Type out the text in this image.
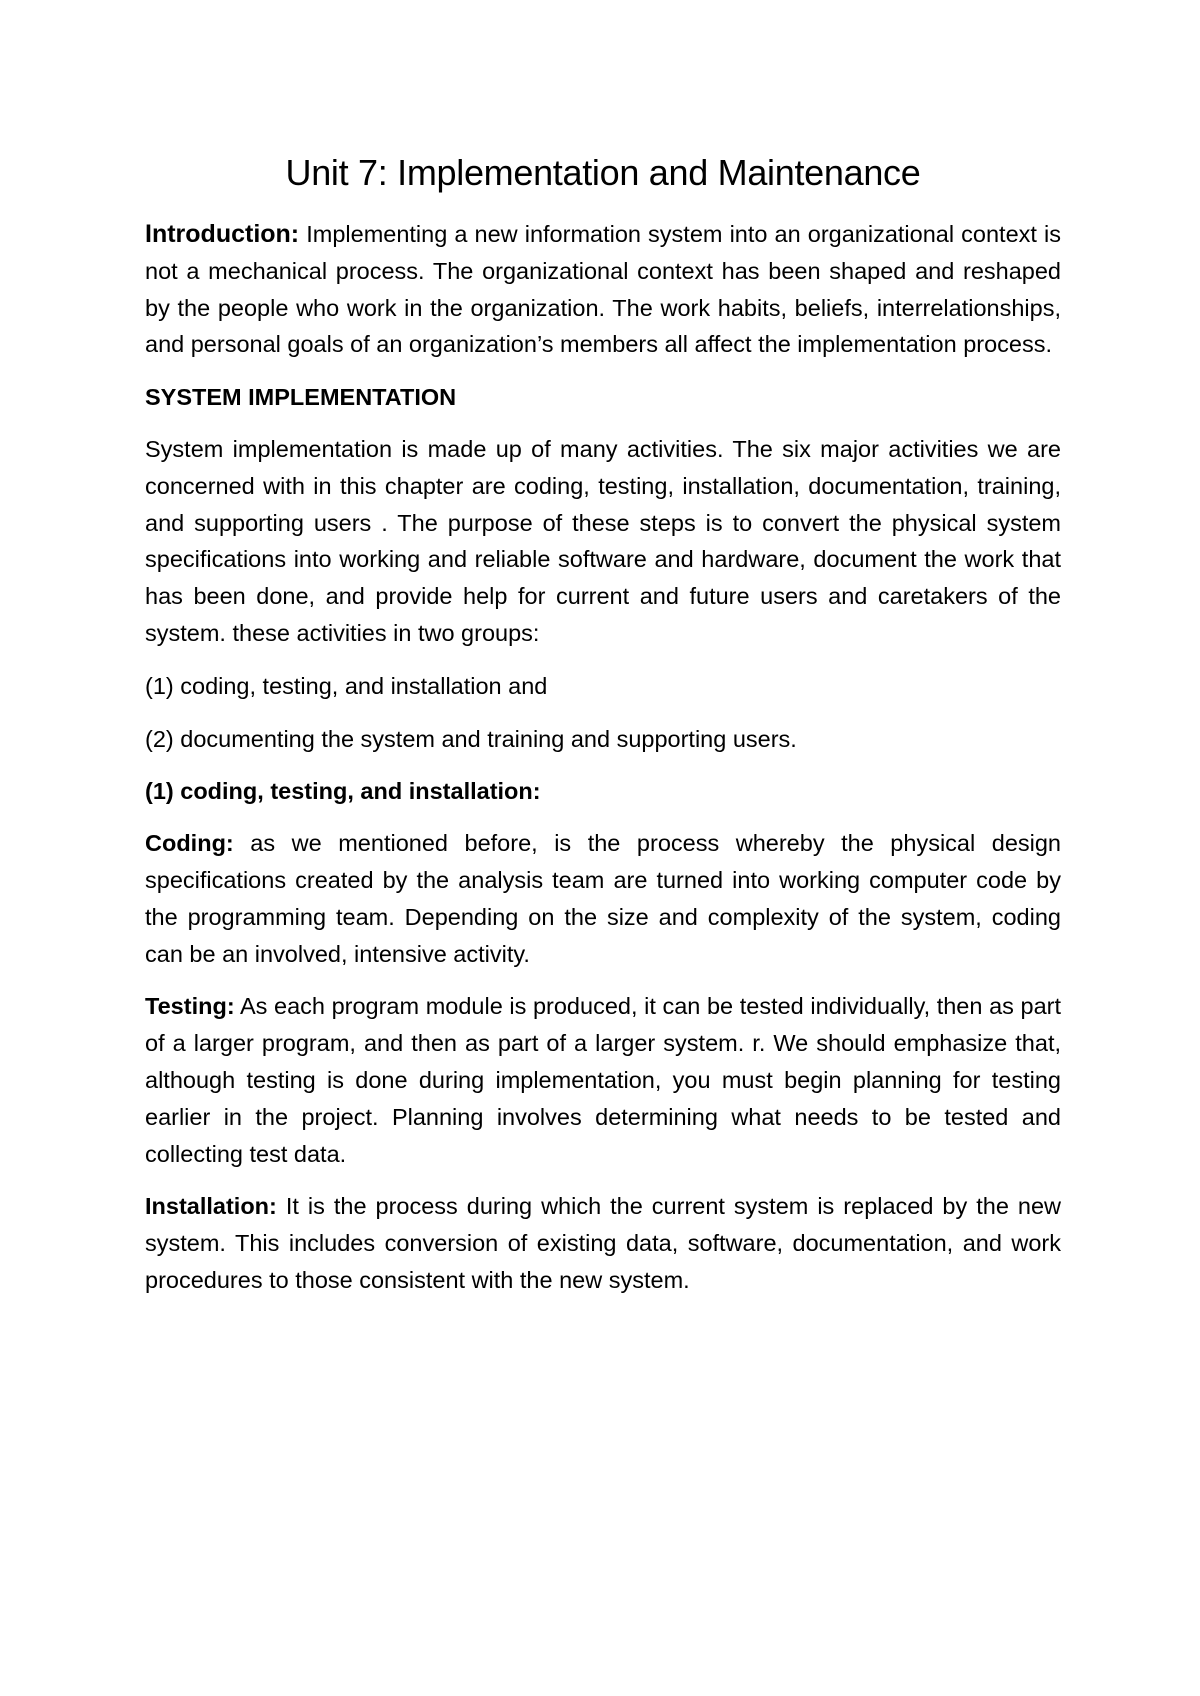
Unit 7: Implementation and Maintenance

Introduction: Implementing a new information system into an organizational context is not a mechanical process. The organizational context has been shaped and reshaped by the people who work in the organization. The work habits, beliefs, interrelationships, and personal goals of an organization’s members all affect the implementation process.

SYSTEM IMPLEMENTATION

System implementation is made up of many activities. The six major activities we are concerned with in this chapter are coding, testing, installation, documentation, training, and supporting users . The purpose of these steps is to convert the physical system specifications into working and reliable software and hardware, document the work that has been done, and provide help for current and future users and caretakers of the system. these activities in two groups:

(1) coding, testing, and installation and

(2) documenting the system and training and supporting users.

(1) coding, testing, and installation:

Coding: as we mentioned before, is the process whereby the physical design specifications created by the analysis team are turned into working computer code by the programming team. Depending on the size and complexity of the system, coding can be an involved, intensive activity.

Testing: As each program module is produced, it can be tested individually, then as part of a larger program, and then as part of a larger system. r. We should emphasize that, although testing is done during implementation, you must begin planning for testing earlier in the project. Planning involves determining what needs to be tested and collecting test data.

Installation: It is the process during which the current system is replaced by the new system. This includes conversion of existing data, software, documentation, and work procedures to those consistent with the new system.
